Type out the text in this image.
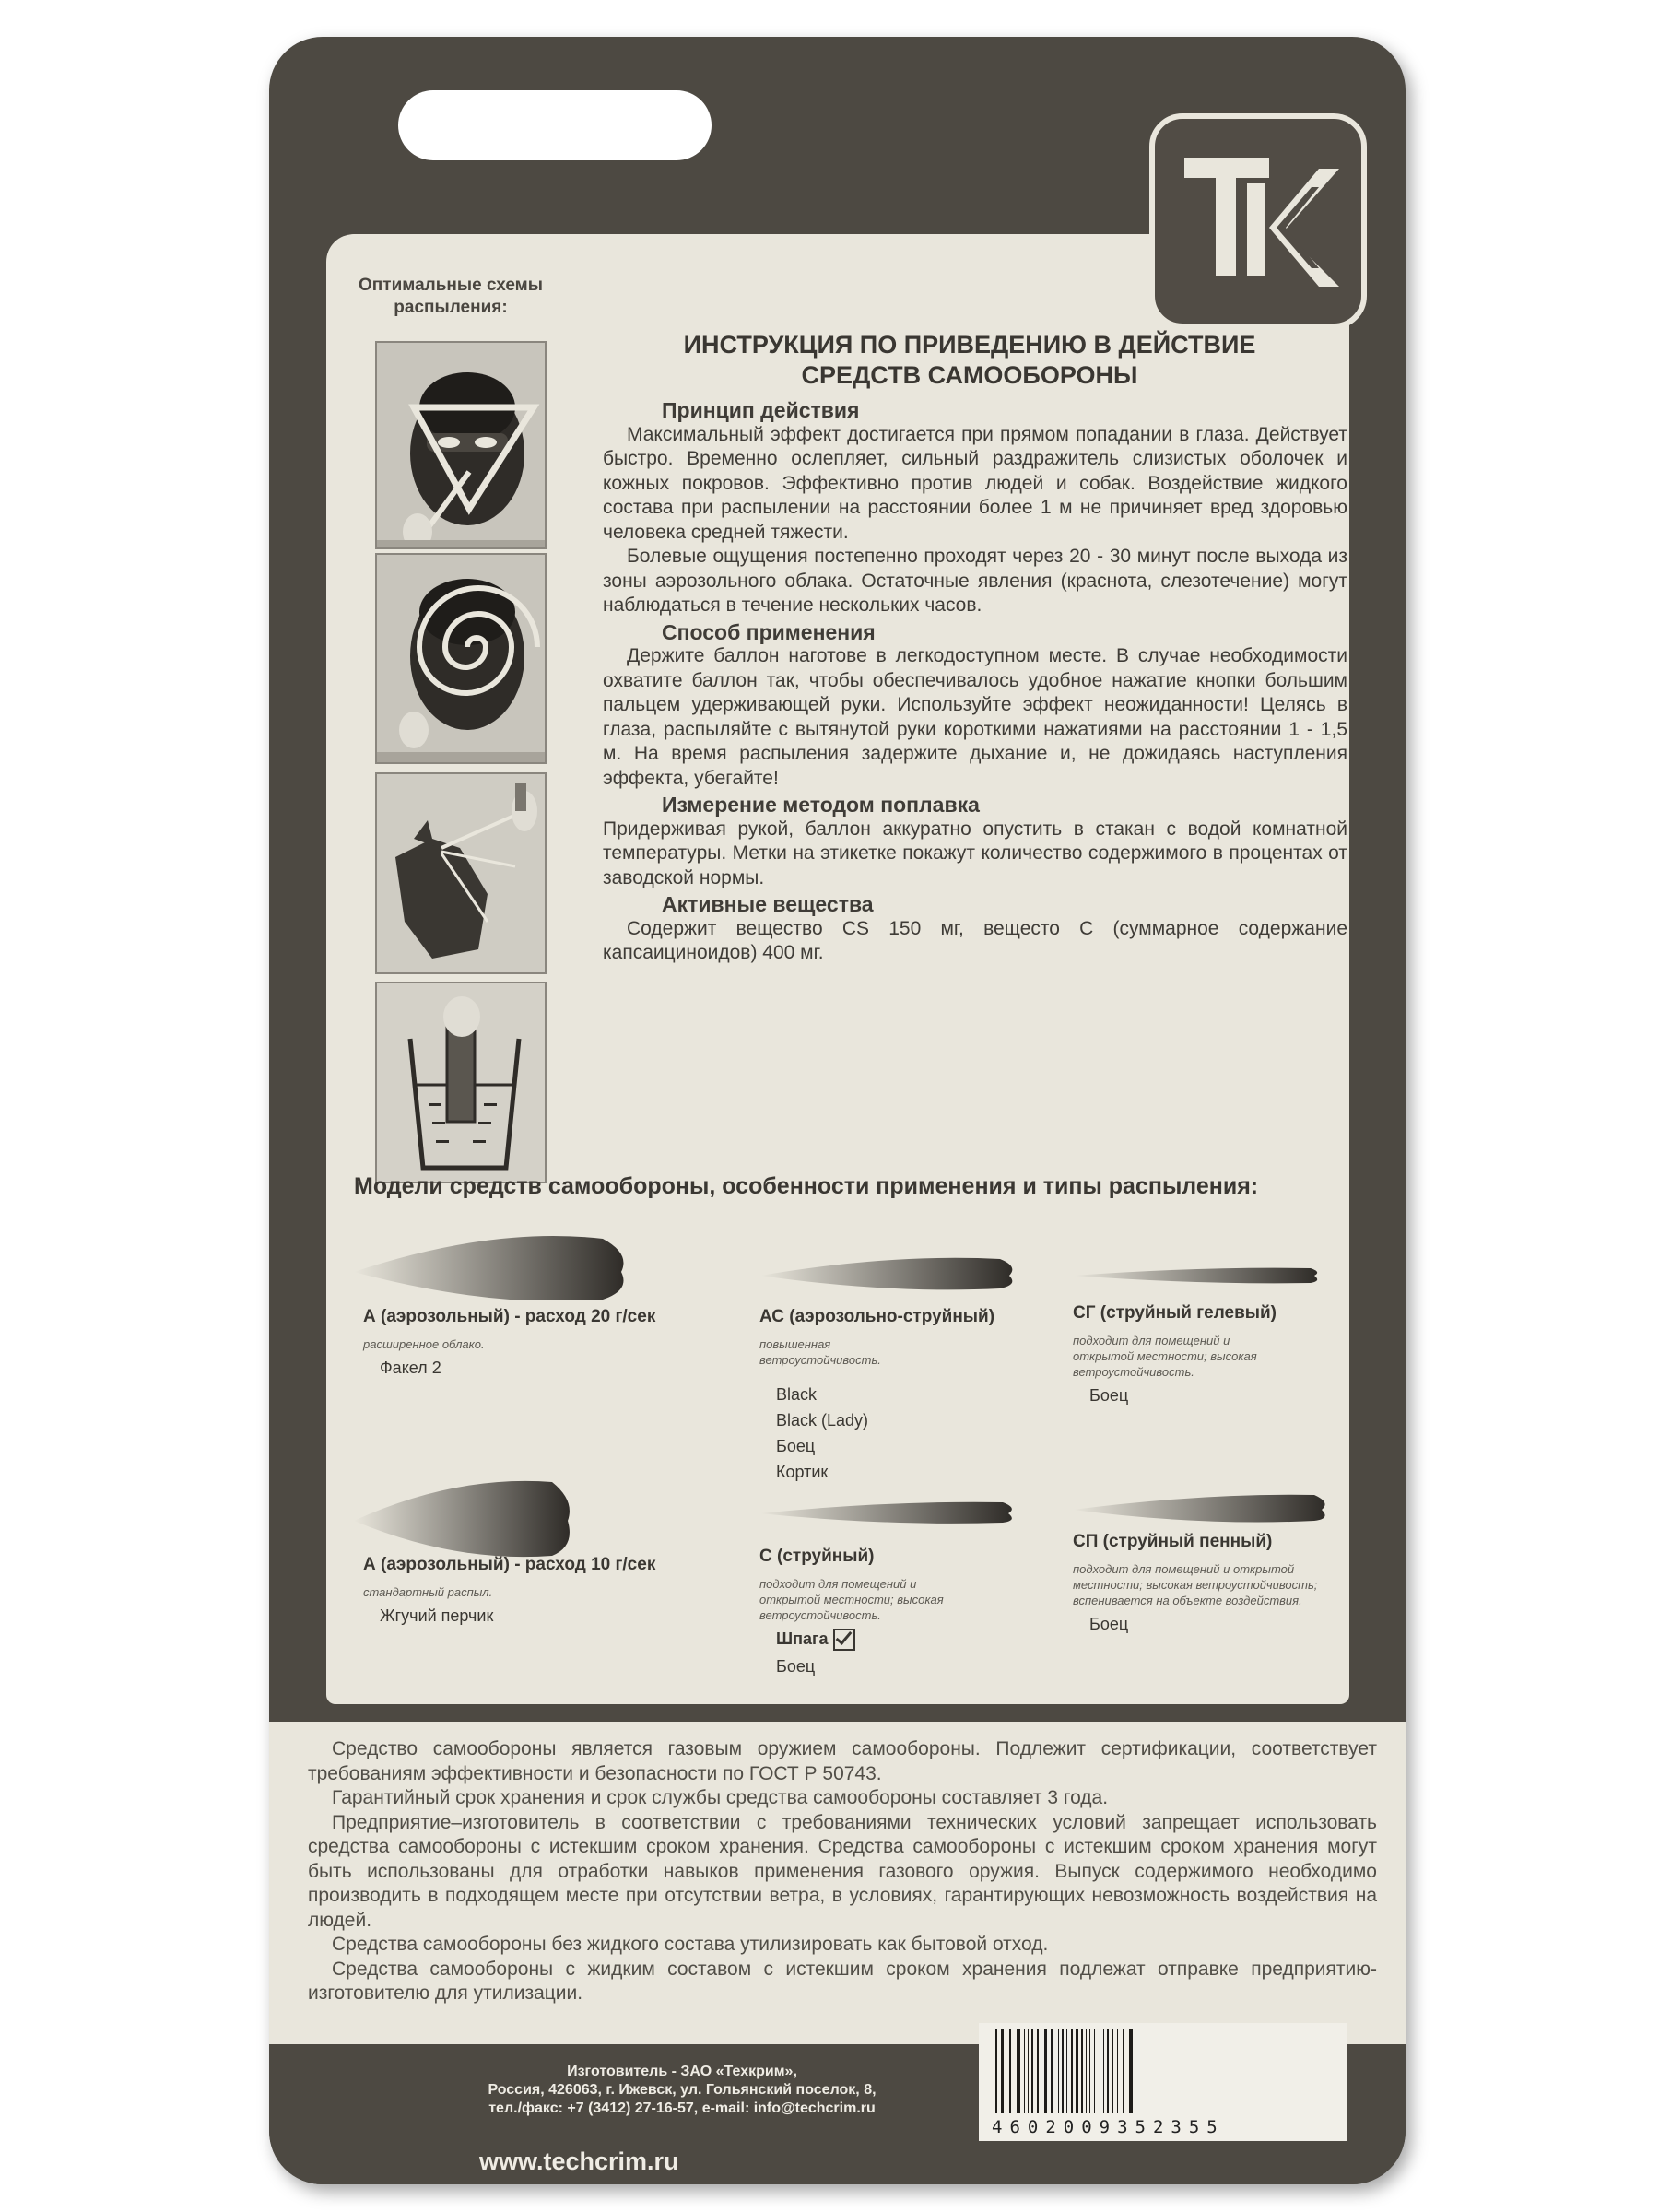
Оптимальные схемы распыления:
ИНСТРУКЦИЯ ПО ПРИВЕДЕНИЮ В ДЕЙСТВИЕ СРЕДСТВ САМООБОРОНЫ
Принцип действия

Максимальный эффект достигается при прямом попадании в глаза. Действует быстро. Временно ослепляет, сильный раздражитель слизистых оболочек и кожных покровов. Эффективно против людей и собак. Воздействие жидкого состава при распылении на расстоянии более 1 м не причиняет вред здоровью человека средней тяжести.

Болевые ощущения постепенно проходят через 20 - 30 минут после выхода из зоны аэрозольного облака. Остаточные явления (краснота, слезотечение) могут наблюдаться в течение нескольких часов.

Способ применения

Держите баллон наготове в легкодоступном месте. В случае необходимости охватите баллон так, чтобы обеспечивалось удобное нажатие кнопки большим пальцем удерживающей руки. Используйте эффект неожиданности! Целясь в глаза, распыляйте с вытянутой руки короткими нажатиями на расстоянии 1 - 1,5 м. На время распыления задержите дыхание и, не дожидаясь наступления эффекта, убегайте!

Измерение методом поплавка

Придерживая рукой, баллон аккуратно опустить в стакан с водой комнатной температуры. Метки на этикетке покажут количество содержимого в процентах от заводской нормы.

Активные вещества

Содержит вещество CS 150 мг, вещесто С (суммарное содержание капсаициноидов) 400 мг.

Модели средств самообороны, особенности применения и типы распыления:
А (аэрозольный) - расход 20 г/сек
расширенное облако.
Факел 2
АС (аэрозольно-струйный)
повышенная ветроустойчивость.
Black
Black (Lady)
Боец
Кортик
СГ (струйный гелевый)
подходит для помещений и открытой местности; высокая ветроустойчивость.
Боец
А (аэрозольный) - расход 10 г/сек
стандартный распыл.
Жгучий перчик
С (струйный)
подходит для помещений и открытой местности; высокая ветроустойчивость.
Шпага
Боец
СП (струйный пенный)
подходит для помещений и открытой местности; высокая ветроустойчивость; вспенивается на объекте воздействия.
Боец

Средство самообороны является газовым оружием самообороны. Подлежит сертификации, соответствует требованиям эффективности и безопасности по ГОСТ Р 50743.

Гарантийный срок хранения и срок службы средства самообороны составляет 3 года.

Предприятие–изготовитель в соответствии с требованиями технических условий запрещает использовать средства самообороны с истекшим сроком хранения. Средства самообороны с истекшим сроком хранения могут быть использованы для отработки навыков применения газового оружия. Выпуск содержимого необходимо производить в подходящем месте при отсутствии ветра, в условиях, гарантирующих невозможность воздействия на людей.

Средства самообороны без жидкого состава утилизировать как бытовой отход.

Средства самообороны с жидким составом с истекшим сроком хранения подлежат отправке предприятию-изготовителю для утилизации.

Изготовитель - ЗАО «Техкрим»,
Россия, 426063, г. Ижевск, ул. Гольянский поселок, 8,
тел./факс: +7 (3412) 27-16-57, e-mail: info@techcrim.ru
www.techcrim.ru
4602009352355
